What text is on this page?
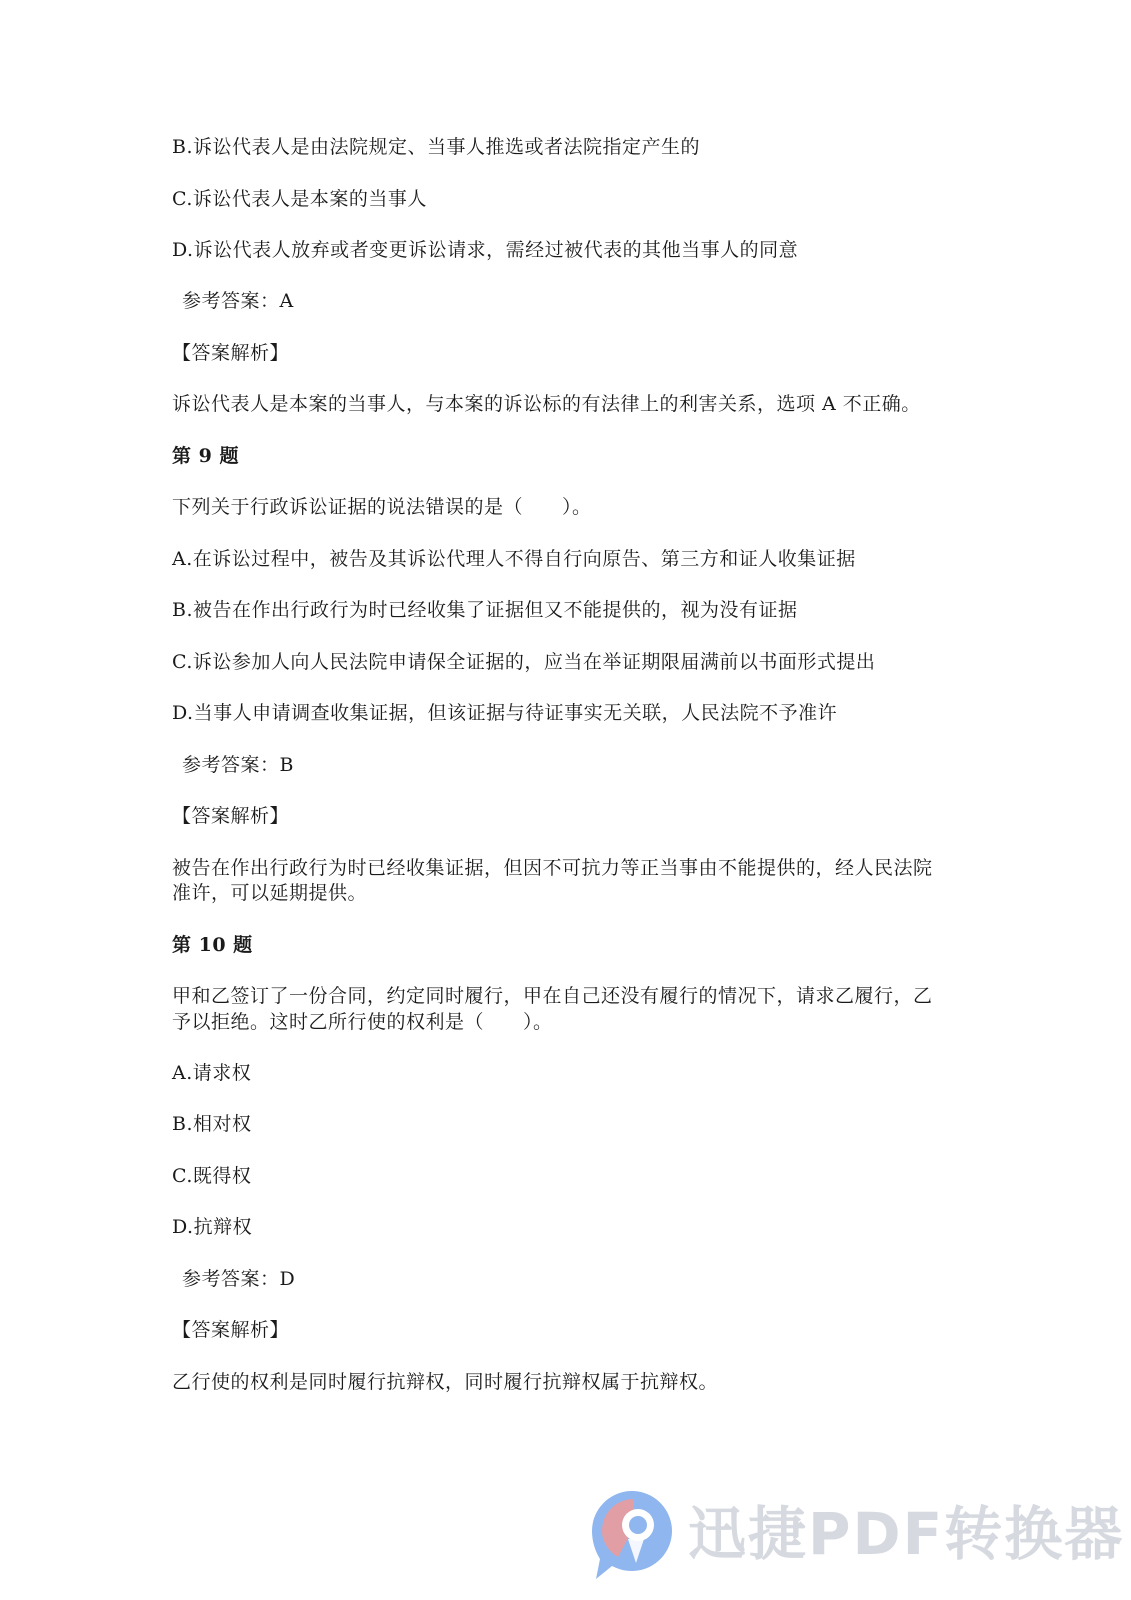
B.诉讼代表人是由法院规定、当事人推选或者法院指定产生的
C.诉讼代表人是本案的当事人
D.诉讼代表人放弃或者变更诉讼请求，需经过被代表的其他当事人的同意
参考答案：A
【答案解析】
诉讼代表人是本案的当事人，与本案的诉讼标的有法律上的利害关系，选项 A 不正确。
第 9 题
下列关于行政诉讼证据的说法错误的是（　　）。
A.在诉讼过程中，被告及其诉讼代理人不得自行向原告、第三方和证人收集证据
B.被告在作出行政行为时已经收集了证据但又不能提供的，视为没有证据
C.诉讼参加人向人民法院申请保全证据的，应当在举证期限届满前以书面形式提出
D.当事人申请调查收集证据，但该证据与待证事实无关联，人民法院不予准许
参考答案：B
【答案解析】
被告在作出行政行为时已经收集证据，但因不可抗力等正当事由不能提供的，经人民法院
准许，可以延期提供。
第 10 题
甲和乙签订了一份合同，约定同时履行，甲在自己还没有履行的情况下，请求乙履行，乙
予以拒绝。这时乙所行使的权利是（　　）。
A.请求权
B.相对权
C.既得权
D.抗辩权
参考答案：D
【答案解析】
乙行使的权利是同时履行抗辩权，同时履行抗辩权属于抗辩权。
迅捷PDF转换器
